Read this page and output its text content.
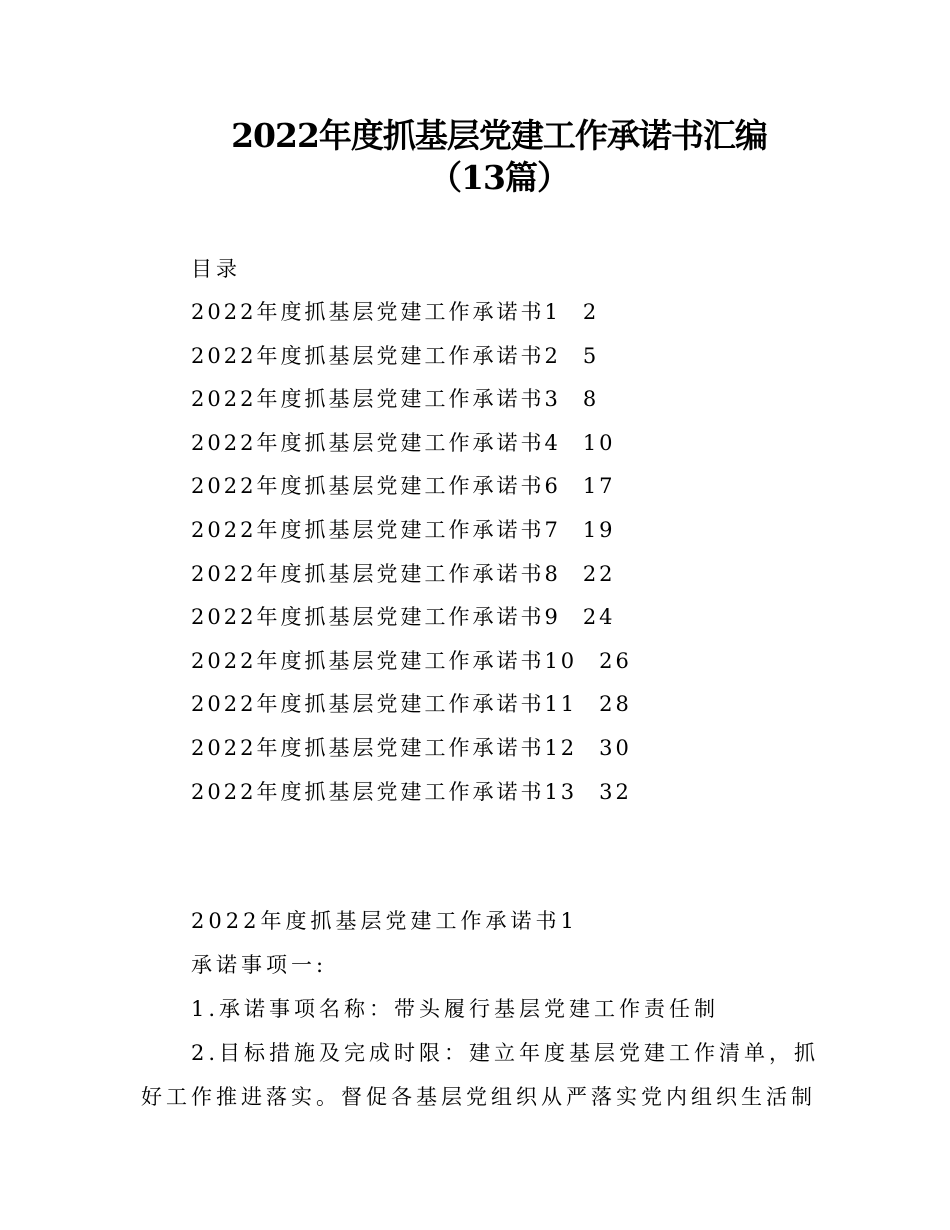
2022年度抓基层党建工作承诺书汇编
（13篇）
目录
2022年度抓基层党建工作承诺书1 2
2022年度抓基层党建工作承诺书2 5
2022年度抓基层党建工作承诺书3 8
2022年度抓基层党建工作承诺书4 10
2022年度抓基层党建工作承诺书6 17
2022年度抓基层党建工作承诺书7 19
2022年度抓基层党建工作承诺书8 22
2022年度抓基层党建工作承诺书9 24
2022年度抓基层党建工作承诺书10 26
2022年度抓基层党建工作承诺书11 28
2022年度抓基层党建工作承诺书12 30
2022年度抓基层党建工作承诺书13 32
2022年度抓基层党建工作承诺书1
承诺事项一:
1.承诺事项名称：带头履行基层党建工作责任制
2.目标措施及完成时限：建立年度基层党建工作清单，抓
好工作推进落实。督促各基层党组织从严落实党内组织生活制
